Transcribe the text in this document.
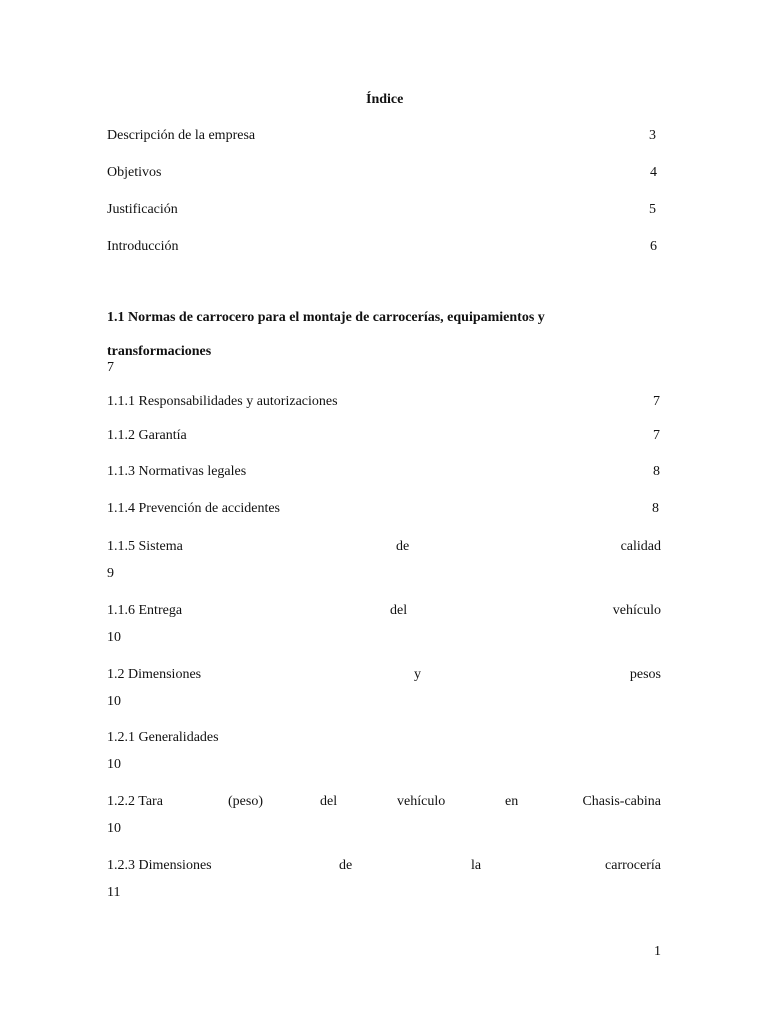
Índice
Descripción de la empresa	3
Objetivos	4
Justificación	5
Introducción	6
1.1 Normas de carrocero para el montaje de carrocerías, equipamientos y
transformaciones
7
1.1.1 Responsabilidades y autorizaciones	7
1.1.2 Garantía	7
1.1.3 Normativas legales	8
1.1.4 Prevención de accidentes	8
1.1.5 Sistema	de	calidad
9
1.1.6 Entrega	del	vehículo
10
1.2 Dimensiones	y	pesos
10
1.2.1 Generalidades
10
1.2.2 Tara	(peso)	del	vehículo	en	Chasis-cabina
10
1.2.3 Dimensiones	de	la	carrocería
11
1
